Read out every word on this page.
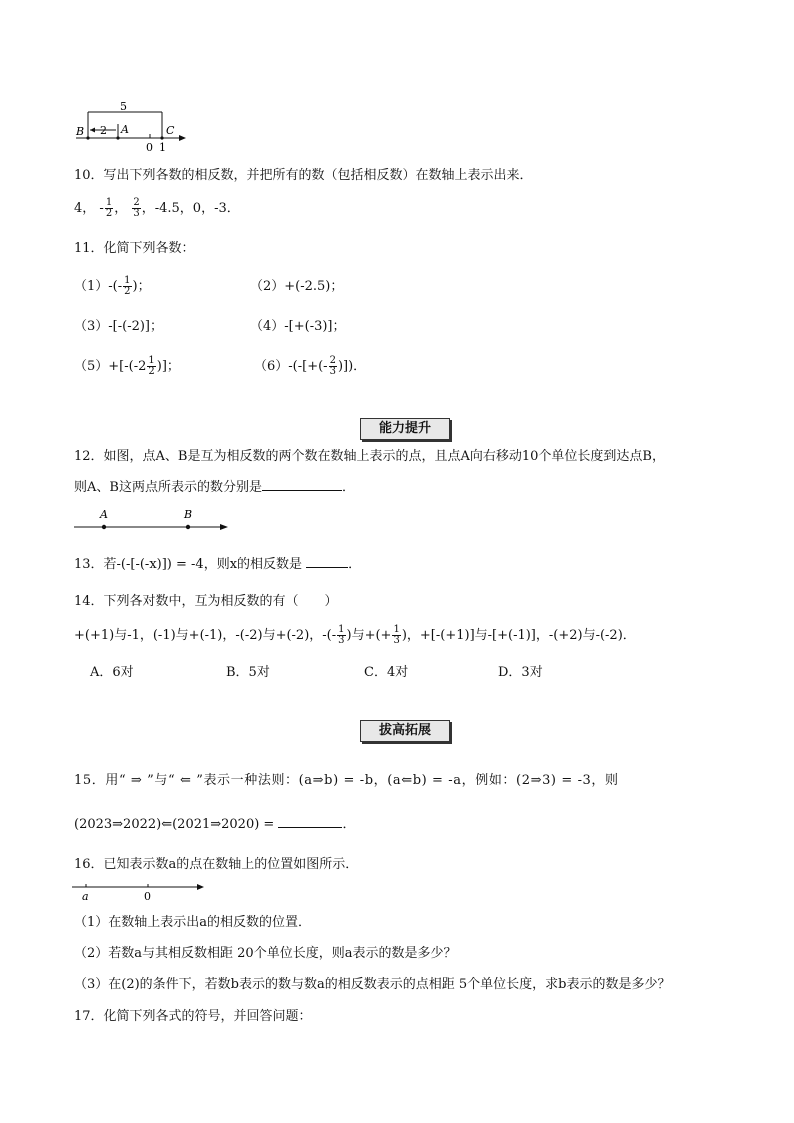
5
2
B	A	C
0 1
10．写出下列各数的相反数，并把所有的数（包括相反数）在数轴上表示出来．
4， - $\frac{1}{2}$ ， $\frac{2}{3}$ ，-4.5，0，-3．
11．化简下列各数：
$(1)-(- \frac{1}{2}$ )；	（2）+(-2.5)；
（3）-[-(-2)]；	（4）-[+(-3)]；
$(5)+[-(-2 \frac{1}{2}$ )]；	$(6)-(-[+(- \frac{2}{3}$ )])．
能力提升
12．如图，点A、B是互为相反数的两个数在数轴上表示的点，且点A向右移动10个单位长度到达点B，
则A、B这两点所表示的数分别是	．
A	B
13．若-(-[-(-x)]) = -4，则x的相反数是	．
14．下列各对数中，互为相反数的有（　　）
+(+1)与-1，(-1)与+(-1)，-(-2)与+(-2)，-(- $\frac{1}{3}$ )与+(+ $\frac{1}{3}$ )，+[-(+1)]与-[+(-1)]，-(+2)与-(-2)．
A．6对	B．5对	C．4对	D．3对
拔高拓展
15．用“ ⇒ ”与“ ⇐ ”表示一种法则：(a⇒b) = -b，(a⇐b) = -a，例如：(2⇒3) = -3，则
(2023⇒2022)⇐(2021⇒2020) =	．
16．已知表示数a的点在数轴上的位置如图所示．
a	0
（1）在数轴上表示出a的相反数的位置．
（2）若数a与其相反数相距 20个单位长度，则a表示的数是多少？
（3）在(2)的条件下，若数b表示的数与数a的相反数表示的点相距 5个单位长度，求b表示的数是多少？
17．化简下列各式的符号，并回答问题：
